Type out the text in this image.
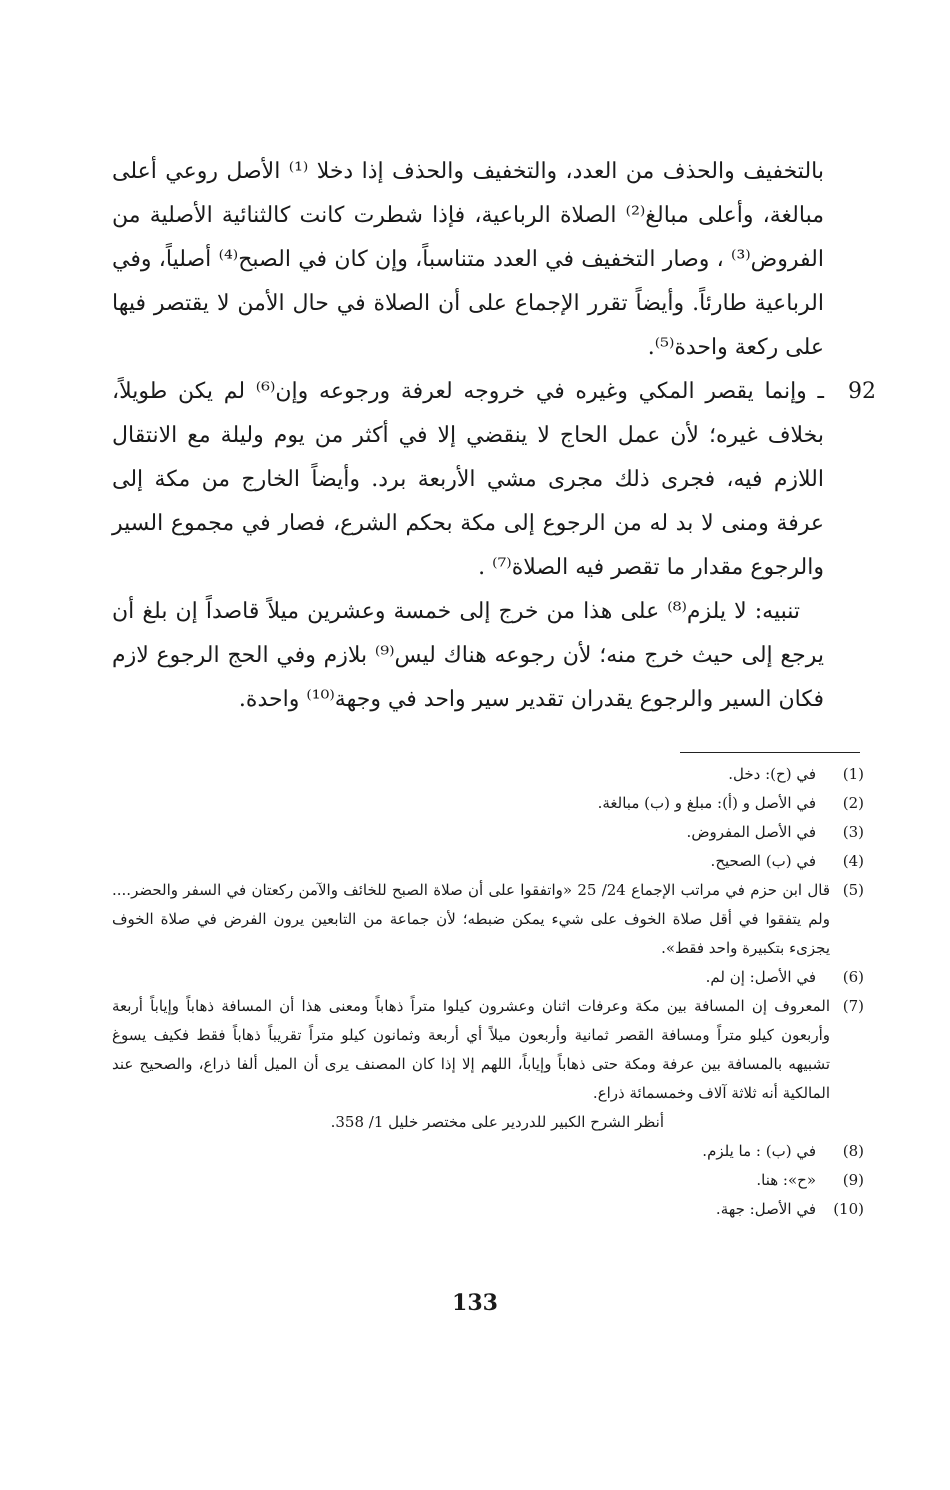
بالتخفيف والحذف من العدد، والتخفيف والحذف إذا دخلا ⁽¹⁾ الأصل روعي أعلى مبالغة، وأعلى مبالغ⁽²⁾ الصلاة الرباعية، فإذا شطرت كانت كالثنائية الأصلية من الفروض⁽³⁾ ، وصار التخفيف في العدد متناسباً، وإن كان في الصبح⁽⁴⁾ أصلياً، وفي الرباعية طارئاً. وأيضاً تقرر الإجماع على أن الصلاة في حال الأمن لا يقتصر فيها على ركعة واحدة⁽⁵⁾.

92
ـ وإنما يقصر المكي وغيره في خروجه لعرفة ورجوعه وإن⁽⁶⁾ لم يكن طويلاً، بخلاف غيره؛ لأن عمل الحاج لا ينقضي إلا في أكثر من يوم وليلة مع الانتقال اللازم فيه، فجرى ذلك مجرى مشي الأربعة برد. وأيضاً الخارج من مكة إلى عرفة ومنى لا بد له من الرجوع إلى مكة بحكم الشرع، فصار في مجموع السير والرجوع مقدار ما تقصر فيه الصلاة⁽⁷⁾ .

تنبيه: لا يلزم⁽⁸⁾ على هذا من خرج إلى خمسة وعشرين ميلاً قاصداً إن بلغ أن يرجع إلى حيث خرج منه؛ لأن رجوعه هناك ليس⁽⁹⁾ بلازم وفي الحج الرجوع لازم فكان السير والرجوع يقدران تقدير سير واحد في وجهة⁽¹⁰⁾ واحدة.

(1)
في (ح): دخل.
(2)
في الأصل و (أ): مبلغ و (ب) مبالغة.
(3)
في الأصل المفروض.
(4)
في (ب) الصحيح.
(5)
قال ابن حزم في مراتب الإجماع 24/ 25 «واتفقوا على أن صلاة الصبح للخائف والآمن ركعتان في السفر والحضر.... ولم يتفقوا في أقل صلاة الخوف على شيء يمكن ضبطه؛ لأن جماعة من التابعين يرون الفرض في صلاة الخوف يجزىء بتكبيرة واحد فقط».
(6)
في الأصل: إن لم.
(7)
المعروف إن المسافة بين مكة وعرفات اثنان وعشرون كيلوا متراً ذهاباً ومعنى هذا أن المسافة ذهاباً وإياباً أربعة وأربعون كيلو متراً ومسافة القصر ثمانية وأربعون ميلاً أي أربعة وثمانون كيلو متراً تقريباً ذهاباً فقط فكيف يسوغ تشبيهه بالمسافة بين عرفة ومكة حتى ذهاباً وإياباً، اللهم إلا إذا كان المصنف يرى أن الميل ألفا ذراع، والصحيح عند المالكية أنه ثلاثة آلاف وخمسمائة ذراع.
أنظر الشرح الكبير للدردير على مختصر خليل 1/ 358.
(8)
في (ب) : ما يلزم.
(9)
«ح»: هنا.
(10)
في الأصل: جهة.
133
